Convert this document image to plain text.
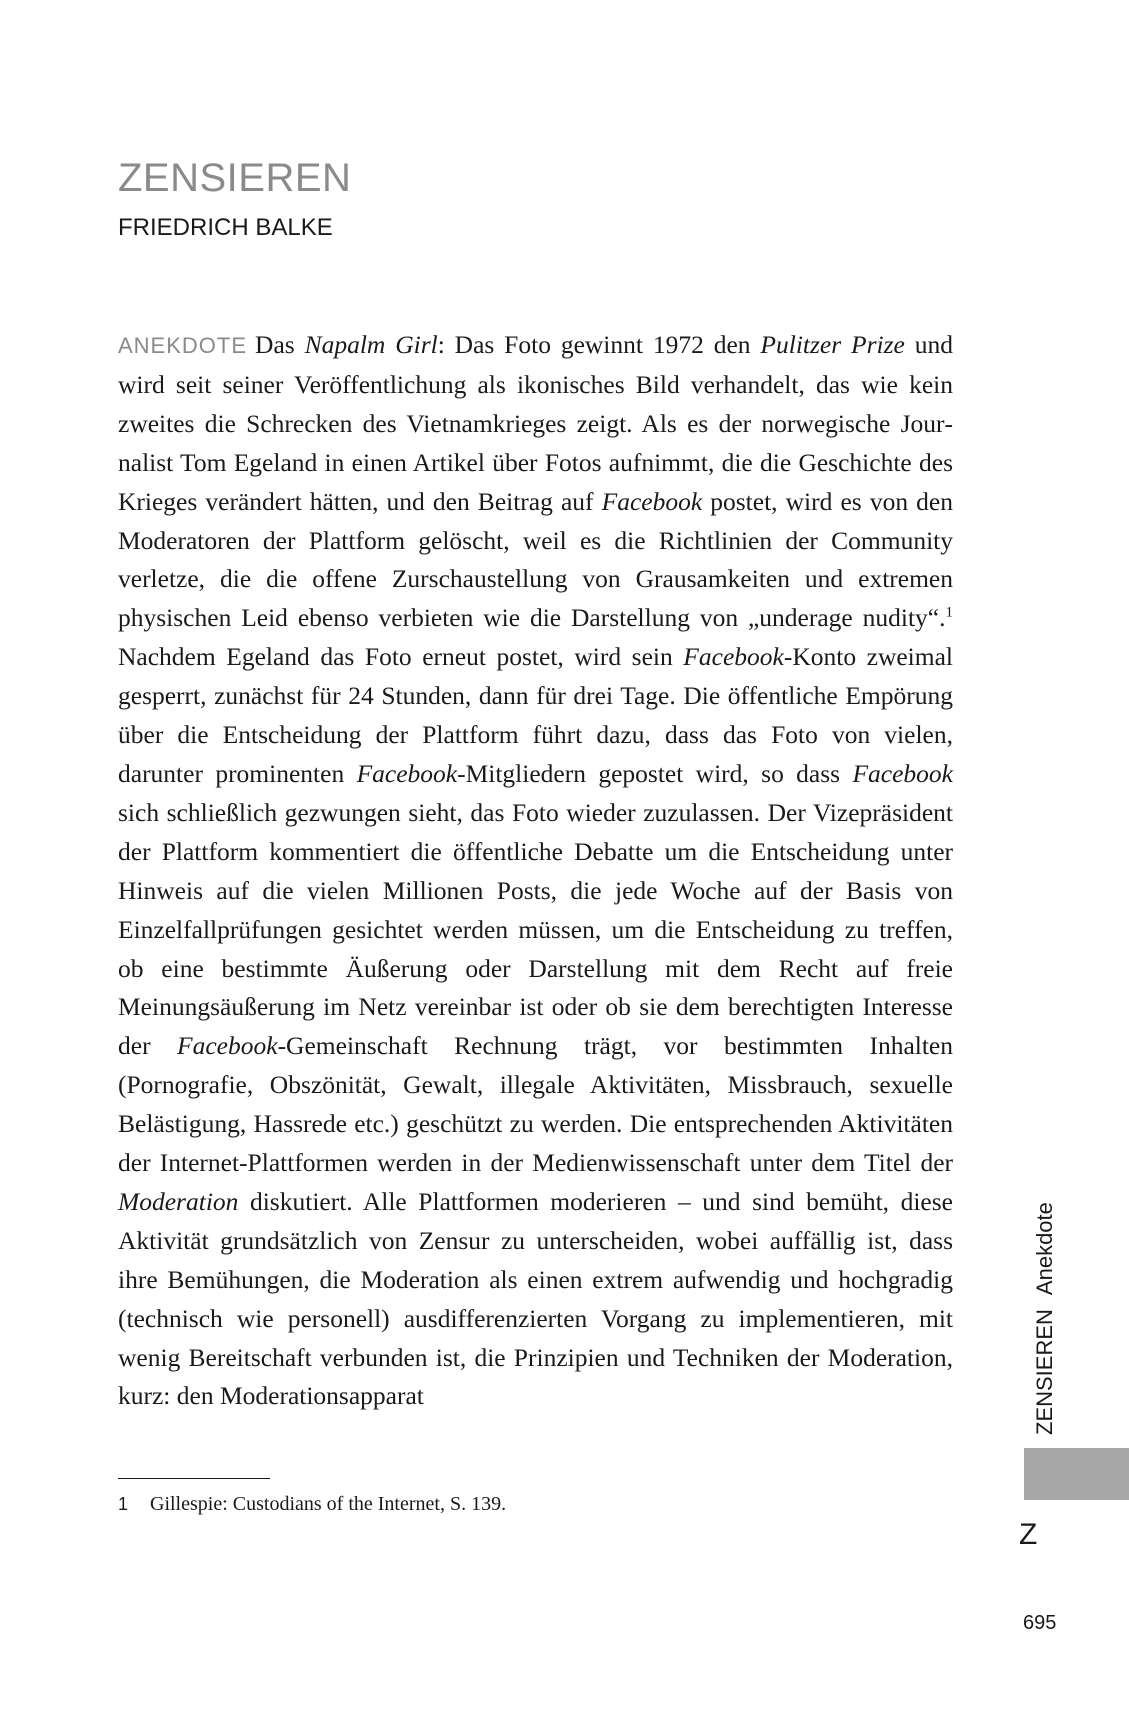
ZENSIEREN
FRIEDRICH BALKE

ANEKDOTE Das Napalm Girl: Das Foto gewinnt 1972 den Pulitzer Prize und wird seit seiner Veröffentlichung als ikonisches Bild verhandelt, das wie kein zweites die Schrecken des Vietnamkrieges zeigt. Als es der norwegische Journalist Tom Egeland in einen Artikel über Fotos aufnimmt, die die Geschichte des Krieges verändert hätten, und den Beitrag auf Facebook postet, wird es von den Moderatoren der Plattform gelöscht, weil es die Richtlinien der Community verletze, die die offene Zurschaustellung von Grausamkeiten und extremen physischen Leid ebenso verbieten wie die Darstellung von „underage nudity“.$^1$ Nachdem Egeland das Foto erneut postet, wird sein Facebook-Konto zweimal gesperrt, zunächst für 24 Stunden, dann für drei Tage. Die öffentliche Empörung über die Entscheidung der Plattform führt dazu, dass das Foto von vielen, darunter prominenten Facebook-Mitgliedern gepostet wird, so dass Facebook sich schließlich gezwungen sieht, das Foto wieder zuzulassen. Der Vizepräsident der Plattform kommentiert die öffentliche Debatte um die Entscheidung unter Hinweis auf die vielen Millionen Posts, die jede Woche auf der Basis von Einzelfallprüfungen gesichtet werden müssen, um die Entscheidung zu treffen, ob eine bestimmte Äußerung oder Darstellung mit dem Recht auf freie Meinungsäußerung im Netz vereinbar ist oder ob sie dem berechtigten Interesse der Facebook-Gemeinschaft Rechnung trägt, vor bestimmten Inhalten (Pornografie, Obszönität, Gewalt, illegale Aktivitäten, Missbrauch, sexuelle Belästigung, Hassrede etc.) geschützt zu werden. Die entsprechenden Aktivitäten der Internet-Plattformen werden in der Medienwissenschaft unter dem Titel der Moderation diskutiert. Alle Plattformen moderieren – und sind bemüht, diese Aktivität grundsätzlich von Zensur zu unterscheiden, wobei auffällig ist, dass ihre Bemühungen, die Moderation als einen extrem aufwendig und hochgradig (technisch wie personell) ausdifferenzierten Vorgang zu implementieren, mit wenig Bereitschaft verbunden ist, die Prinzipien und Techniken der Moderation, kurz: den Moderationsapparat

1 Gillespie: Custodians of the Internet, S. 139.
ZENSIERENAnekdote
Z
695
